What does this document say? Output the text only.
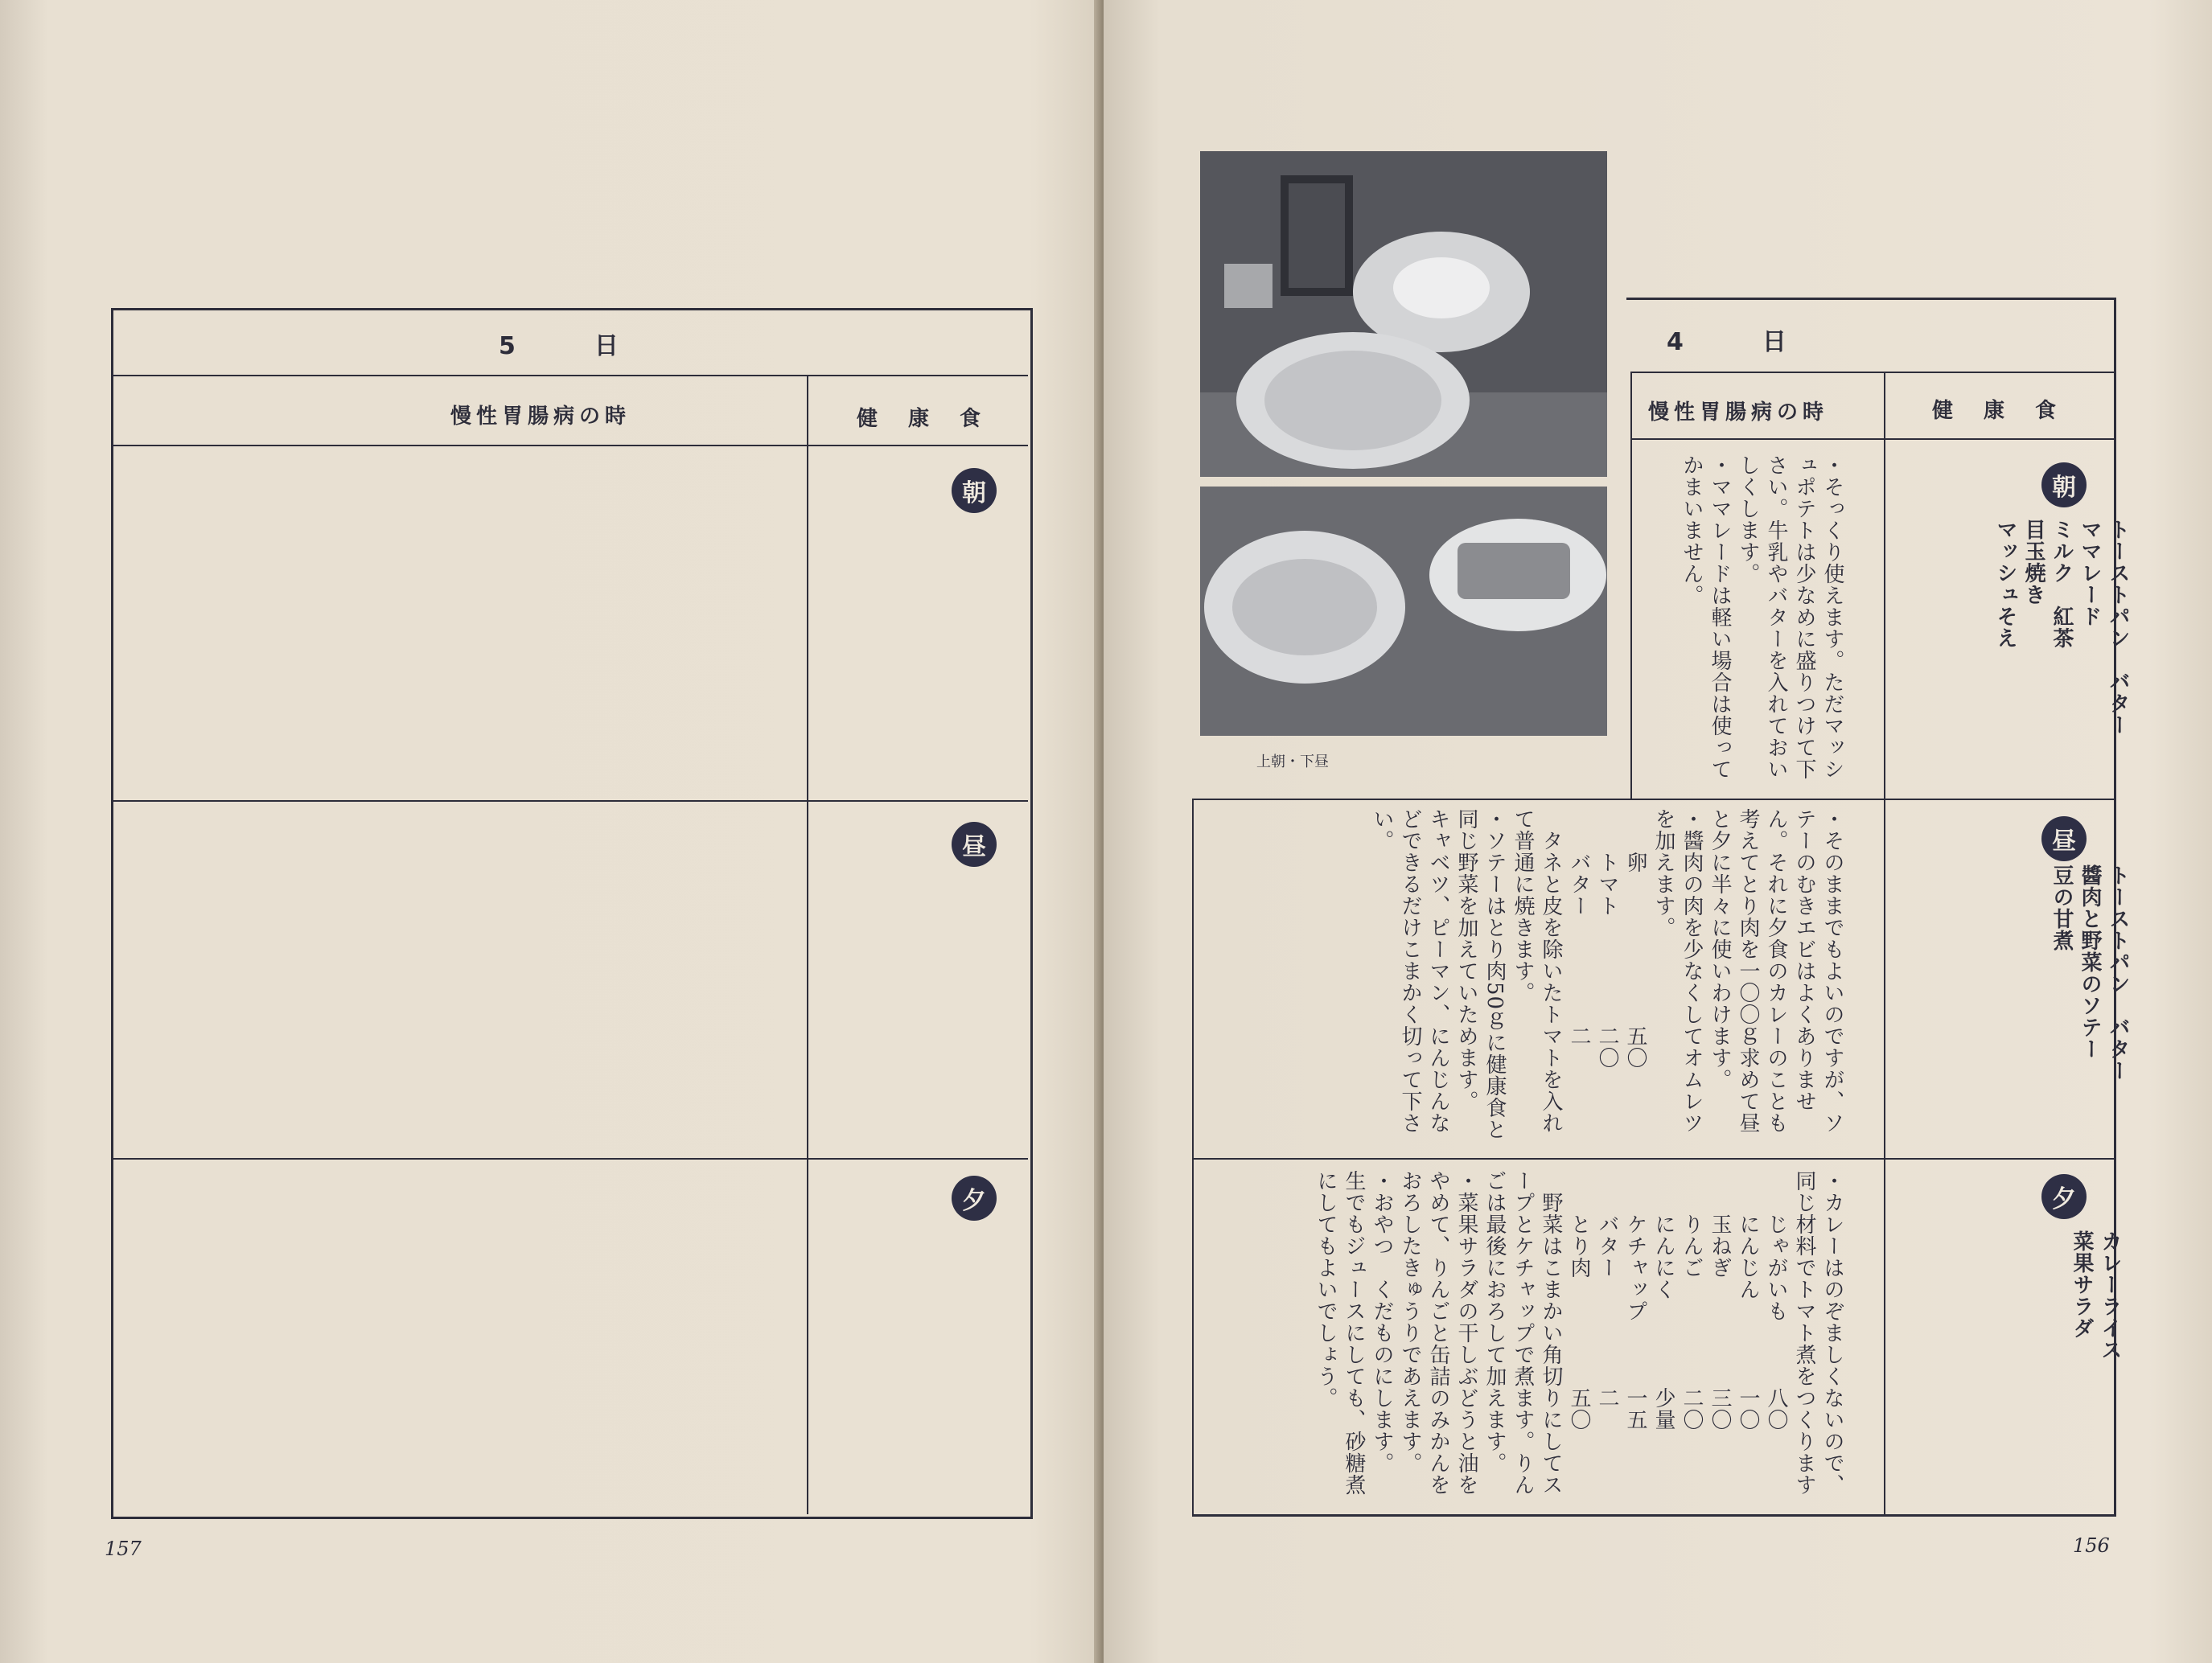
5　　　日
慢性胃腸病の時	健　康　食
朝
昼
夕
157
上朝・下昼
4　　　日
慢性胃腸病の時	健　康　食
朝
トーストパン　バター
ママレード
ミルク　紅茶
目玉焼き
マッシュそえ
・そっくり使えます。ただマッシ
ュポテトは少なめに盛りつけて下
さい。牛乳やバターを入れておい
しくします。
・ママレードは軽い場合は使って
かまいません。
昼
トーストパン　バター
醬肉と野菜のソテー
豆の甘煮
・そのままでもよいのですが、ソ
テーのむきエビはよくありませ
ん。それに夕食のカレーのことも
考えてとり肉を一〇〇ｇ求めて昼
と夕に半々に使いわけます。
・醬肉の肉を少なくしてオムレツ
を加えます。
　　卵　　　　　　　五〇
　　トマト　　　　　二〇
　　バター　　　　　二
　タネと皮を除いたトマトを入れ
て普通に焼きます。
・ソテーはとり肉50ｇに健康食と
同じ野菜を加えていためます。
キャベツ、ピーマン、にんじんな
どできるだけこまかく切って下さ
い。
夕
カレーライス
菜果サラダ
・カレーはのぞましくないので、
同じ材料でトマト煮をつくります
　　じゃがいも　　　八〇
　　にんじん　　　　一〇
　　玉ねぎ　　　　　三〇
　　りんご　　　　　二〇
　　にんにく　　　　少量
　　ケチャップ　　　一五
　　バター　　　　　二
　　とり肉　　　　　五〇
　野菜はこまかい角切りにしてス
ープとケチャップで煮ます。りん
ごは最後におろして加えます。
・菜果サラダの干しぶどうと油を
やめて、りんごと缶詰のみかんを
おろしたきゅうりであえます。
・おやつ　くだものにします。
生でもジュースにしても、砂糖煮
にしてもよいでしょう。
156
